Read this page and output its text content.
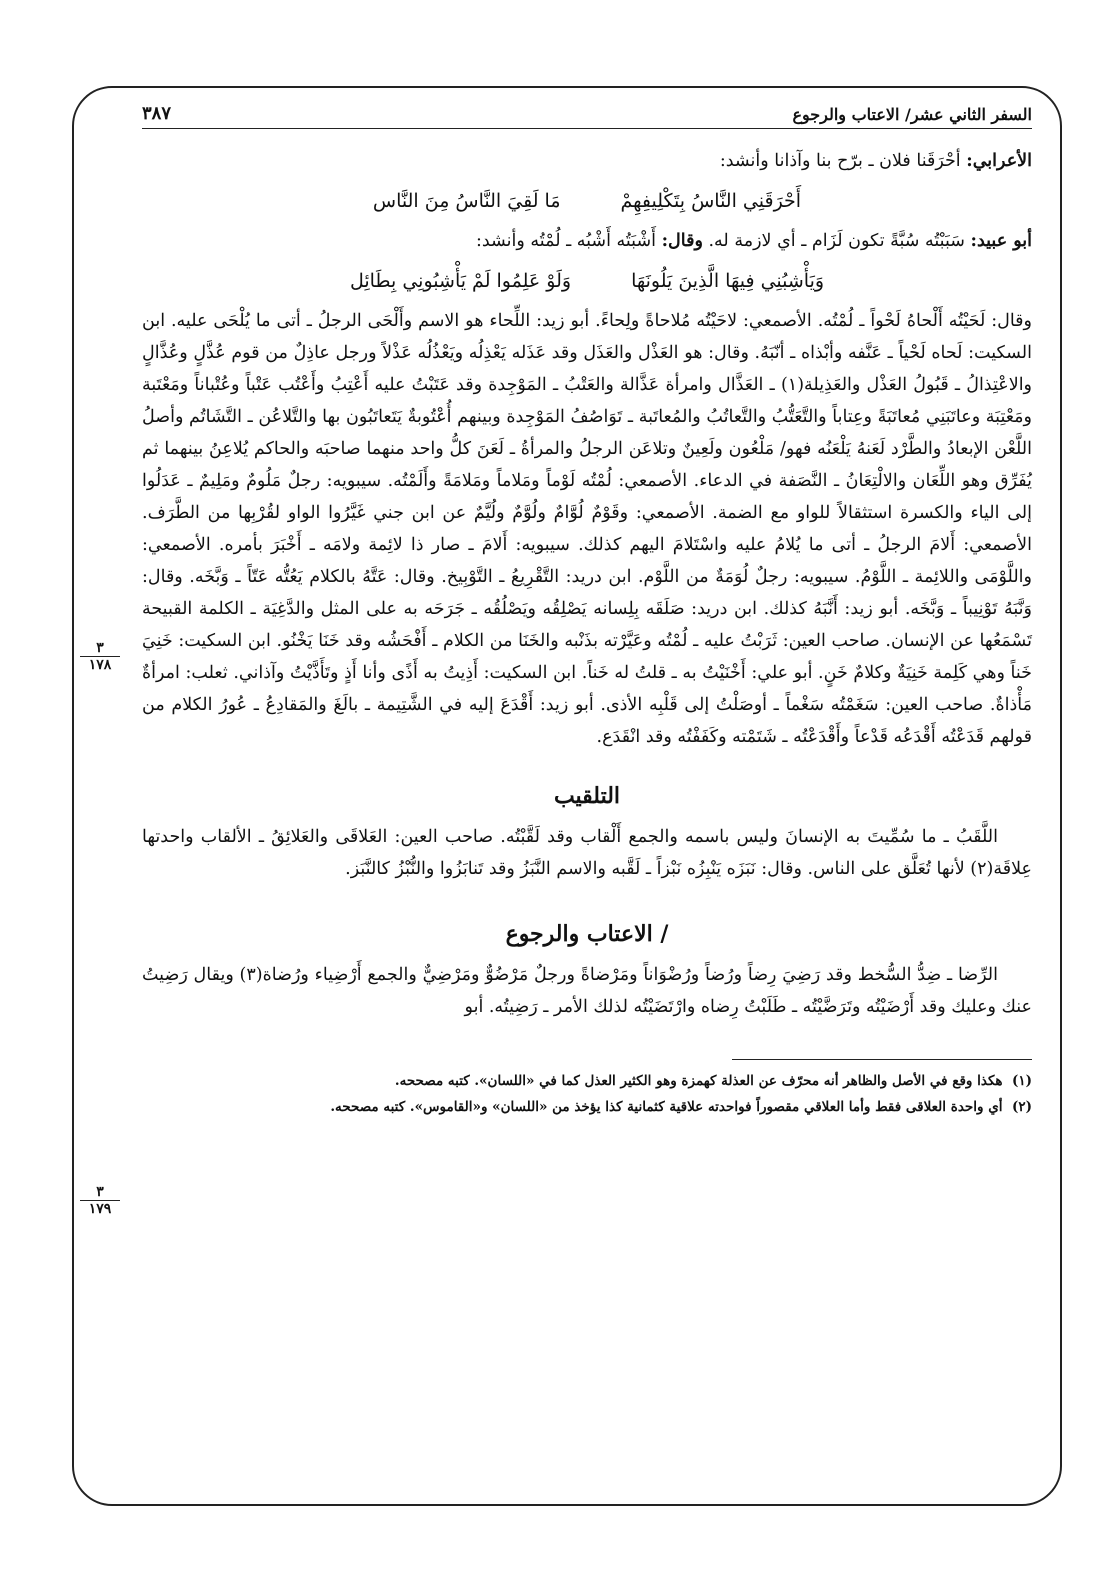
٣
١٧٨
٣
١٧٩
السفر الثاني عشر/ الاعتاب والرجوع
٣٨٧

الأعرابي: أحْرَقَنا فلان ـ برّح بنا وآذانا وأنشد:

أَحْرَقَنِي النَّاسُ بِتَكْلِيفِهِمْ
مَا لَقِيَ النَّاسُ مِنَ النَّاس

أبو عبيد: سَبَبْتُه سُبَّةً تكون لَزَام ـ أي لازمة له. وقال: أَشْبَتُه أَشْبُه ـ لُمْتُه وأنشد:

وَيَأْشِبُنِي فِيهَا الَّذِينَ يَلُونَهَا
وَلَوْ عَلِمُوا لَمْ يَأْشِبُونِي بِطَائِل

وقال: لَحَيْتُه أَلْحاهُ لَحْواً ـ لُمْتُه. الأصمعي: لاحَيْتُه مُلاحاةً ولِحاءً. أبو زيد: اللِّحاء هو الاسم وأَلْحَى الرجلُ ـ أتى ما يُلْحَى عليه. ابن السكيت: لَحاه لَحْياً ـ عَنَّفه وأبْذاه ـ أنّبَهُ. وقال: هو العَذْل والعَذَل وقد عَذَله يَعْذِلُه ويَعْذُلُه عَذْلاً ورجل عاذِلٌ من قوم عُذَّلٍ وعُذَّالٍ والاعْتِذالُ ـ قَبُولُ العَذْل والعَذِيلة(١) ـ العَذَّال وامرأة عَذَّالة والعَتْبُ ـ المَوْجِدة وقد عَتَبْتُ عليه أَعْتِبُ وأَعْتُب عَتْباً وعُتْباناً ومَعْتَبة ومَعْتِبَة وعاتَبَنِي مُعاتَبَةً وعِتاباً والتَّعَتُّبُ والتَّعاتُبُ والمُعاتَبة ـ تَوَاصُفُ المَوْجِدة وبينهم أُعْتُوبةٌ يَتَعاتَبُون بها والتَّلاعُن ـ التَّشَاتُم وأصلُ اللَّعْن الإبعادُ والطَّرْد لَعَنهُ يَلْعَنُه فهو/ مَلْعُون ولَعِينٌ وتلاعَن الرجلُ والمرأةُ ـ لَعَنَ كلُّ واحد منهما صاحبَه والحاكم يُلاعِنُ بينهما ثم يُفَرِّق وهو اللِّعَان والالْتِعَانُ ـ النَّصَفة في الدعاء. الأصمعي: لُمْتُه لَوْماً ومَلاماً ومَلامَةً وأَلَمْتُه. سيبويه: رجلٌ مَلُومٌ ومَلِيمٌ ـ عَدَلُوا إلى الياء والكسرة استثقالاً للواو مع الضمة. الأصمعي: وقَوْمٌ لُوَّامٌ ولُوَّمٌ ولُيَّمٌ عن ابن جني غَيَّرُوا الواو لقُرْبِها من الطَّرَف. الأصمعي: أَلامَ الرجلُ ـ أتى ما يُلامُ عليه واسْتَلامَ اليهم كذلك. سيبويه: أَلامَ ـ صار ذا لائِمة ولامَه ـ أَخْبَرَ بأمره. الأصمعي: واللَّوْمَى واللائِمة ـ اللَّوْمُ. سيبويه: رجلٌ لُوَمَةٌ من اللَّوْم. ابن دريد: التَّقْرِيعُ ـ التَّوْبِيخ. وقال: عَتَّهُ بالكلام يَعُتُّه عَتّاً ـ وَبَّخَه. وقال: وَنَّبَهُ تَوْنِيباً ـ وَبَّخَه. أبو زيد: أَنَّبَهُ كذلك. ابن دريد: صَلَقَه بِلِسانه يَصْلِقُه ويَصْلُقُه ـ جَرَحَه به على المثل والدَّغِيَة ـ الكلمة القبيحة تَسْمَعُها عن الإنسان. صاحب العين: ثَرَبْتُ عليه ـ لُمْتُه وعَيَّرْته بذَنْبه والخَنَا من الكلام ـ أَفْحَشُه وقد خَنَا يَخْنُو. ابن السكيت: خَنِيَ خَناً وهي كَلِمة خَنِيَةٌ وكلامٌ خَنٍ. أبو علي: أَخْنَيْتُ به ـ قلتُ له خَناً. ابن السكيت: أَذِيتُ به أَذًى وأنا أَذٍ وتَأَذَّيْتُ وآذاني. ثعلب: امرأةٌ مَأْذاةٌ. صاحب العين: سَغَمْتُه سَغْماً ـ أوصَلْتُ إلى قَلْبِه الأذى. أبو زيد: أَقْدَعَ إليه في الشَّتِيمة ـ بالَغَ والمَقادِعُ ـ عُورُ الكلام من قولهم قَدَعْتُه أَقْدَعُه قَدْعاً وأَقْدَعْتُه ـ شَتَمْته وكَفَفْتُه وقد انْقَدَع.

التلقيب

اللَّقَبُ ـ ما سُمِّيتَ به الإنسانَ وليس باسمه والجمع أَلْقاب وقد لَقَّبْتُه. صاحب العين: العَلاقَى والعَلائِقُ ـ الألقاب واحدتها عِلاقَة(٢) لأنها تُعَلَّق على الناس. وقال: نَبَزَه يَنْبِزُه نَبْزاً ـ لَقَّبه والاسم النَّبَزُ وقد تَنابَزُوا والنُّبْزُ كالنَّبَز.

/ الاعتاب والرجوع

الرِّضا ـ ضِدُّ السُّخط وقد رَضِيَ رِضاً ورُضاً ورُضْوَاناً ومَرْضاةً ورجلٌ مَرْضُوٌّ ومَرْضِيٌّ والجمع أَرْضِياء ورُضاة(٣) ويقال رَضِيتُ عنك وعليك وقد أَرْضَيْتُه وتَرَضَّيْتُه ـ طَلَبْتُ رِضاه وارْتَضَيْتُه لذلك الأمر ـ رَضِيتُه. أبو

(١)  هكذا وقع في الأصل والظاهر أنه محرّف عن العذلة كهمزة وهو الكثير العذل كما في «اللسان». كتبه مصححه.
(٢)  أي واحدة العلاقى فقط وأما العلاقي مقصوراً فواحدته علاقية كثمانية كذا يؤخذ من «اللسان» و«القاموس». كتبه مصححه.
